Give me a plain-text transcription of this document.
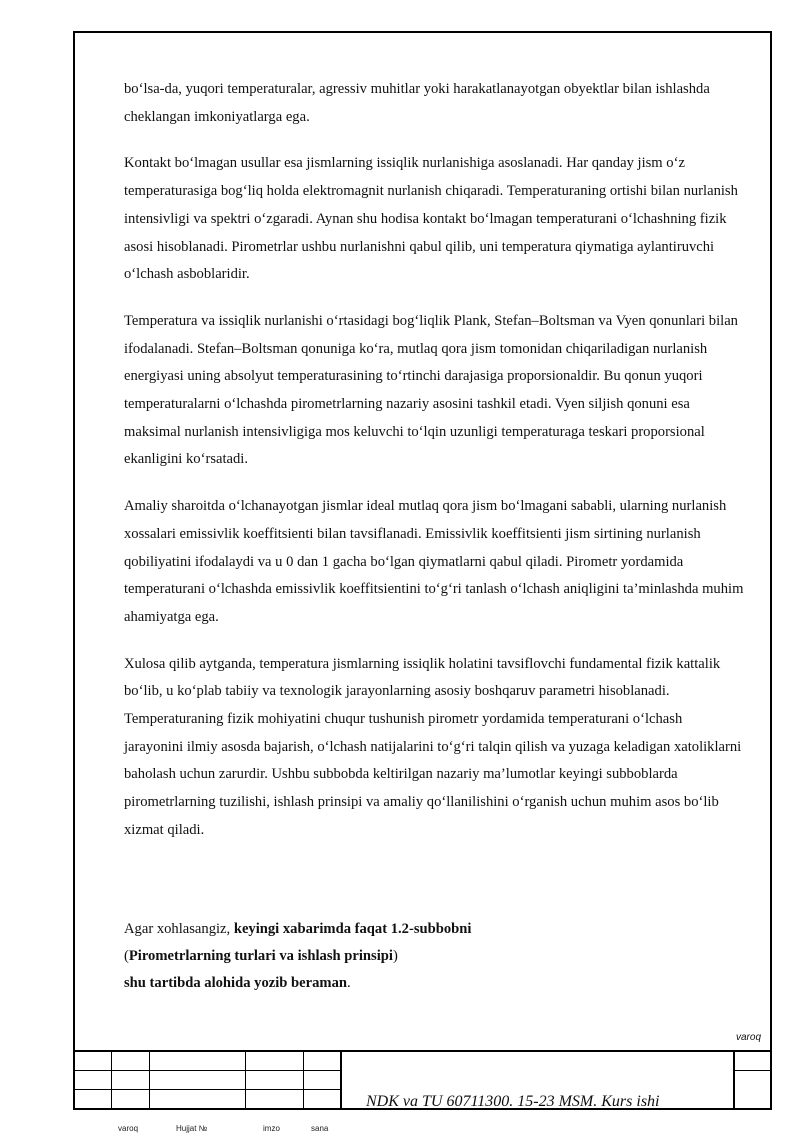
bo‘lsa-da, yuqori temperaturalar, agressiv muhitlar yoki harakatlanayotgan obyektlar bilan ishlashda cheklangan imkoniyatlarga ega.

Kontakt bo‘lmagan usullar esa jismlarning issiqlik nurlanishiga asoslanadi. Har qanday jism o‘z temperaturasiga bog‘liq holda elektromagnit nurlanish chiqaradi. Temperaturaning ortishi bilan nurlanish intensivligi va spektri o‘zgaradi. Aynan shu hodisa kontakt bo‘lmagan temperaturani o‘lchashning fizik asosi hisoblanadi. Pirometrlar ushbu nurlanishni qabul qilib, uni temperatura qiymatiga aylantiruvchi o‘lchash asboblaridir.

Temperatura va issiqlik nurlanishi o‘rtasidagi bog‘liqlik Plank, Stefan–Boltsman va Vyen qonunlari bilan ifodalanadi. Stefan–Boltsman qonuniga ko‘ra, mutlaq qora jism tomonidan chiqariladigan nurlanish energiyasi uning absolyut temperaturasining to‘rtinchi darajasiga proporsionaldir. Bu qonun yuqori temperaturalarni o‘lchashda pirometrlarning nazariy asosini tashkil etadi. Vyen siljish qonuni esa maksimal nurlanish intensivligiga mos keluvchi to‘lqin uzunligi temperaturaga teskari proporsional ekanligini ko‘rsatadi.

Amaliy sharoitda o‘lchanayotgan jismlar ideal mutlaq qora jism bo‘lmagani sababli, ularning nurlanish xossalari emissivlik koeffitsienti bilan tavsiflanadi. Emissivlik koeffitsienti jism sirtining nurlanish qobiliyatini ifodalaydi va u 0 dan 1 gacha bo‘lgan qiymatlarni qabul qiladi. Pirometr yordamida temperaturani o‘lchashda emissivlik koeffitsientini to‘g‘ri tanlash o‘lchash aniqligini ta’minlashda muhim ahamiyatga ega.

Xulosa qilib aytganda, temperatura jismlarning issiqlik holatini tavsiflovchi fundamental fizik kattalik bo‘lib, u ko‘plab tabiiy va texnologik jarayonlarning asosiy boshqaruv parametri hisoblanadi. Temperaturaning fizik mohiyatini chuqur tushunish pirometr yordamida temperaturani o‘lchash jarayonini ilmiy asosda bajarish, o‘lchash natijalarini to‘g‘ri talqin qilish va yuzaga keladigan xatoliklarni baholash uchun zarurdir. Ushbu subbobda keltirilgan nazariy ma’lumotlar keyingi subboblarda pirometrlarning tuzilishi, ishlash prinsipi va amaliy qo‘llanilishini o‘rganish uchun muhim asos bo‘lib xizmat qiladi.

Agar xohlasangiz, keyingi xabarimda faqat 1.2-subbobni
(Pirometrlarning turlari va ishlash prinsipi)
shu tartibda alohida yozib beraman.
varoq
NDK va TU 60711300. 15-23 MSM. Kurs ishi
varoq	Hujjat №	imzo	sana
